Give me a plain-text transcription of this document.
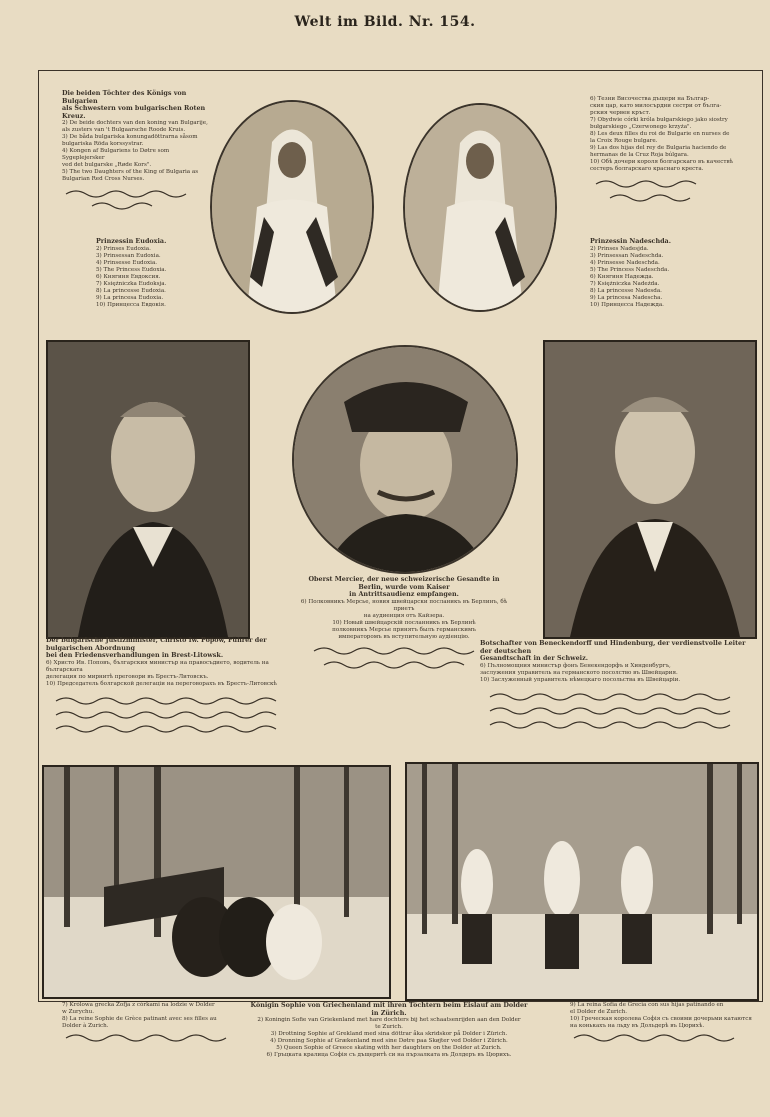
Welt im Bild. Nr. 154.
Die beiden Töchter des Königs von Bulgarien
als Schwestern vom bulgarischen Roten Kreuz.
2) De beide dochters van den koning van Bulgarije,
als zusters van 't Bulgaarsche Roode Kruis.
3) De båda bulgariska konungadöttrarna såsom
bulgariska Röda korssystrar.
4) Kongen af Bulgariens to Døtre som Sygeplejersker
ved det bulgarske „Røde Kors".
5) The two Daughters of the King of Bulgaria as
Bulgarian Red Cross Nurses.
6) Тезни Височества дъщери на Българ-
ския цар, като милосърдни сестри от бълга-
рския червен кръст.
7) Obydwie córki króla bułgarskiego jako siostry
bułgarskiego „Czerwonego krzyża".
8) Les deux filles du roi de Bulgarie en nurses de
la Croix Rouge bulgare.
9) Las dos hijas del rey de Bulgaria haciendo de
hermanas de la Cruz Roja búlgara.
10) Обѣ дочери короля болгарскаго въ качествѣ
сестеръ болгарскаго краснаго креста.
Prinzessin Eudoxia.
2) Prinses Eudoxia.
3) Prinsessan Eudoxia.
4) Prinsesse Eudoxia.
5) The Princess Eudoxia.
6) Княгиня Евдоксия.
7) Księżniczka Eudoksja.
8) La princesse Eudoxia.
9) La princesa Eudoxia.
10) Принцесса Евдокія.
Prinzessin Nadeschda.
2) Prinses Nadesjda.
3) Prinsessan Nadeschda.
4) Prinsesse Nadeschda.
5) The Princess Nadeschda.
6) Княгиня Надежда.
7) Księżniczka Nadeżda.
8) La princesse Nadesda.
9) La princesa Nadescha.
10) Принцесса Надежда.
Oberst Mercier, der neue schweizerische Gesandte in Berlin, wurde vom Kaiser
in Antrittsaudienz empfangen.
6) Полковникъ Мерсье, новия швейцарски посланикъ въ Берлинъ, бѣ приетъ
на аудиенция отъ Кайзера.
10) Новый швейцарскій посланникъ въ Берлинѣ
полковникъ Мерсье принятъ былъ германскимъ
императоромъ въ вступительную аудіенцію.
Der bulgarische Justizminister, Christo Iw. Popow, Führer der bulgarischen Abordnung
bei den Friedensverhandlungen in Brest-Litowsk.
6) Христо Ив. Поповъ, българския министър на правосъдието, водитель на българската
делегация по мирнитѣ преговори въ Брестъ-Литовскъ.
10) Председатель болгарской делегаціи на переговорахъ въ Брестъ-Литовскѣ
Botschafter von Beneckendorff und Hindenburg, der verdienstvolle Leiter der deutschen
Gesandtschaft in der Schweiz.
6) Пълномощния министър фонъ Бенекендорфъ и Хинденбургъ,
заслужения управитель на германското посолство въ Швейцария.
10) Заслуженный управитель нѣмецкаго посольства въ Швейцаріи.
7) Królowa grecka Zofja z córkami na lodzie w Dolder
w Zurychu.
8) La reine Sophie de Grèce patinant avec ses filles au
Dolder à Zurich.
Königin Sophie von Griechenland mit ihren Töchtern beim Eislauf am Dolder in Zürich.
2) Koningin Sofie van Griekenland met hare dochters bij het schaatsenrijden aan den Dolder
te Zurich.
3) Drottning Sophie af Grekland med sina döttrar åka skridskor på Dolder i Zürich.
4) Dronning Sophie af Grækenland med sine Døtre paa Skøjter ved Dolder i Zürich.
5) Queen Sophie of Greece skating with her daughters on the Dolder at Zurich.
6) Гръцката кралица Софія съ дъщеритѣ си на пързалката въ Долдеръ въ Цюрихъ.
9) La reina Sofía de Grecia con sus hijas patinando en
el Dolder de Zurich.
10) Греческая королева Софія съ своими дочерьми катаются
на конькахъ на льду въ Дольдерѣ въ Цюрихѣ.
